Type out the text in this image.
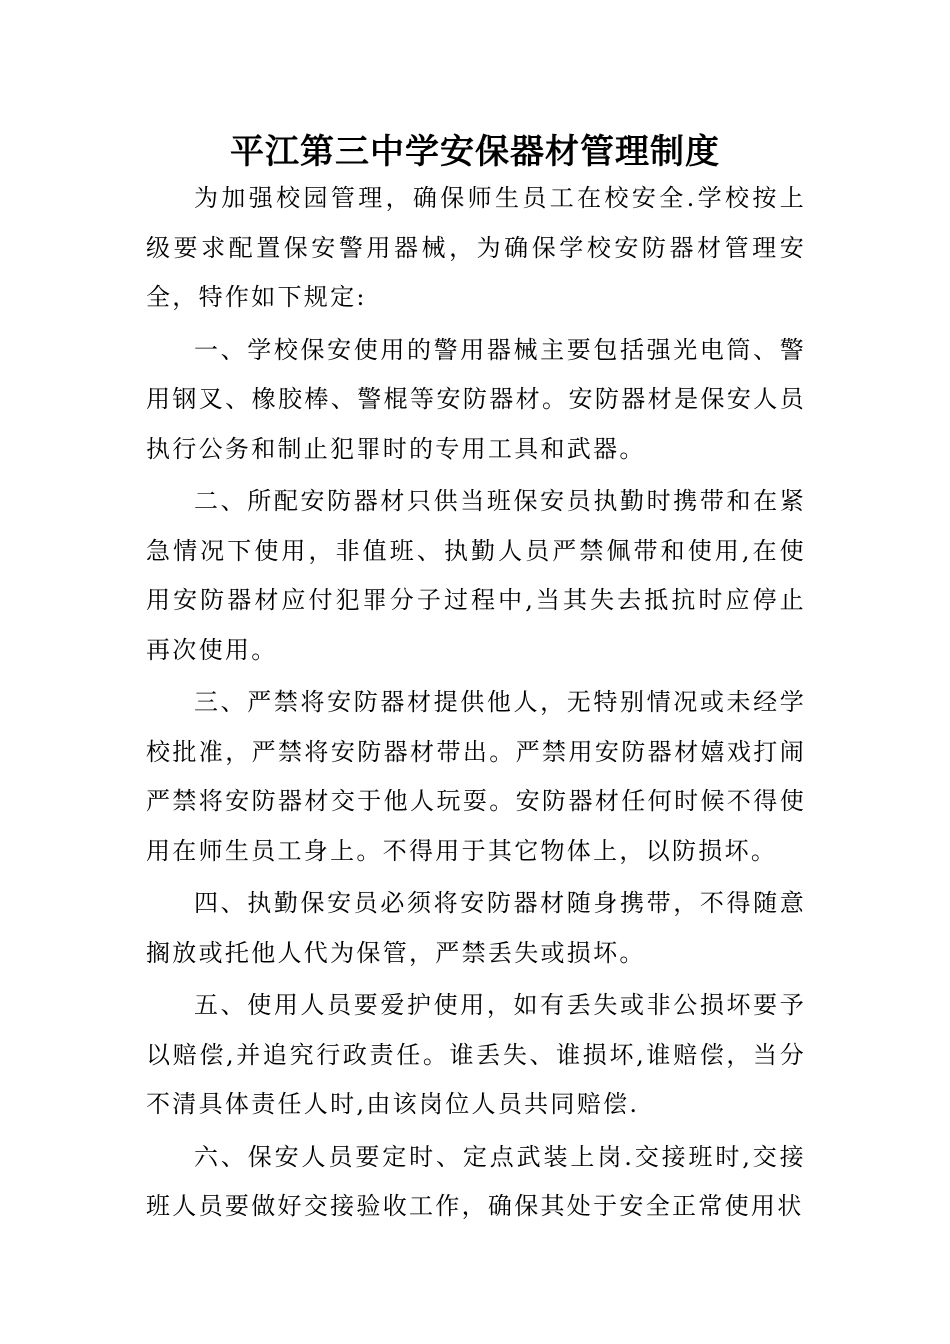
平江第三中学安保器材管理制度

为加强校园管理，确保师生员工在校安全.学校按上级要求配置保安警用器械，为确保学校安防器材管理安全，特作如下规定:

一、学校保安使用的警用器械主要包括强光电筒、警用钢叉、橡胶棒、警棍等安防器材。安防器材是保安人员执行公务和制止犯罪时的专用工具和武器。

二、所配安防器材只供当班保安员执勤时携带和在紧急情况下使用，非值班、执勤人员严禁佩带和使用,在使用安防器材应付犯罪分子过程中,当其失去抵抗时应停止再次使用。

三、严禁将安防器材提供他人，无特别情况或未经学校批准，严禁将安防器材带出。严禁用安防器材嬉戏打闹严禁将安防器材交于他人玩耍。安防器材任何时候不得使用在师生员工身上。不得用于其它物体上，以防损坏。

四、执勤保安员必须将安防器材随身携带，不得随意搁放或托他人代为保管，严禁丢失或损坏。

五、使用人员要爱护使用，如有丢失或非公损坏要予以赔偿,并追究行政责任。谁丢失、谁损坏,谁赔偿，当分不清具体责任人时,由该岗位人员共同赔偿.

六、保安人员要定时、定点武装上岗.交接班时,交接班人员要做好交接验收工作，确保其处于安全正常使用状
